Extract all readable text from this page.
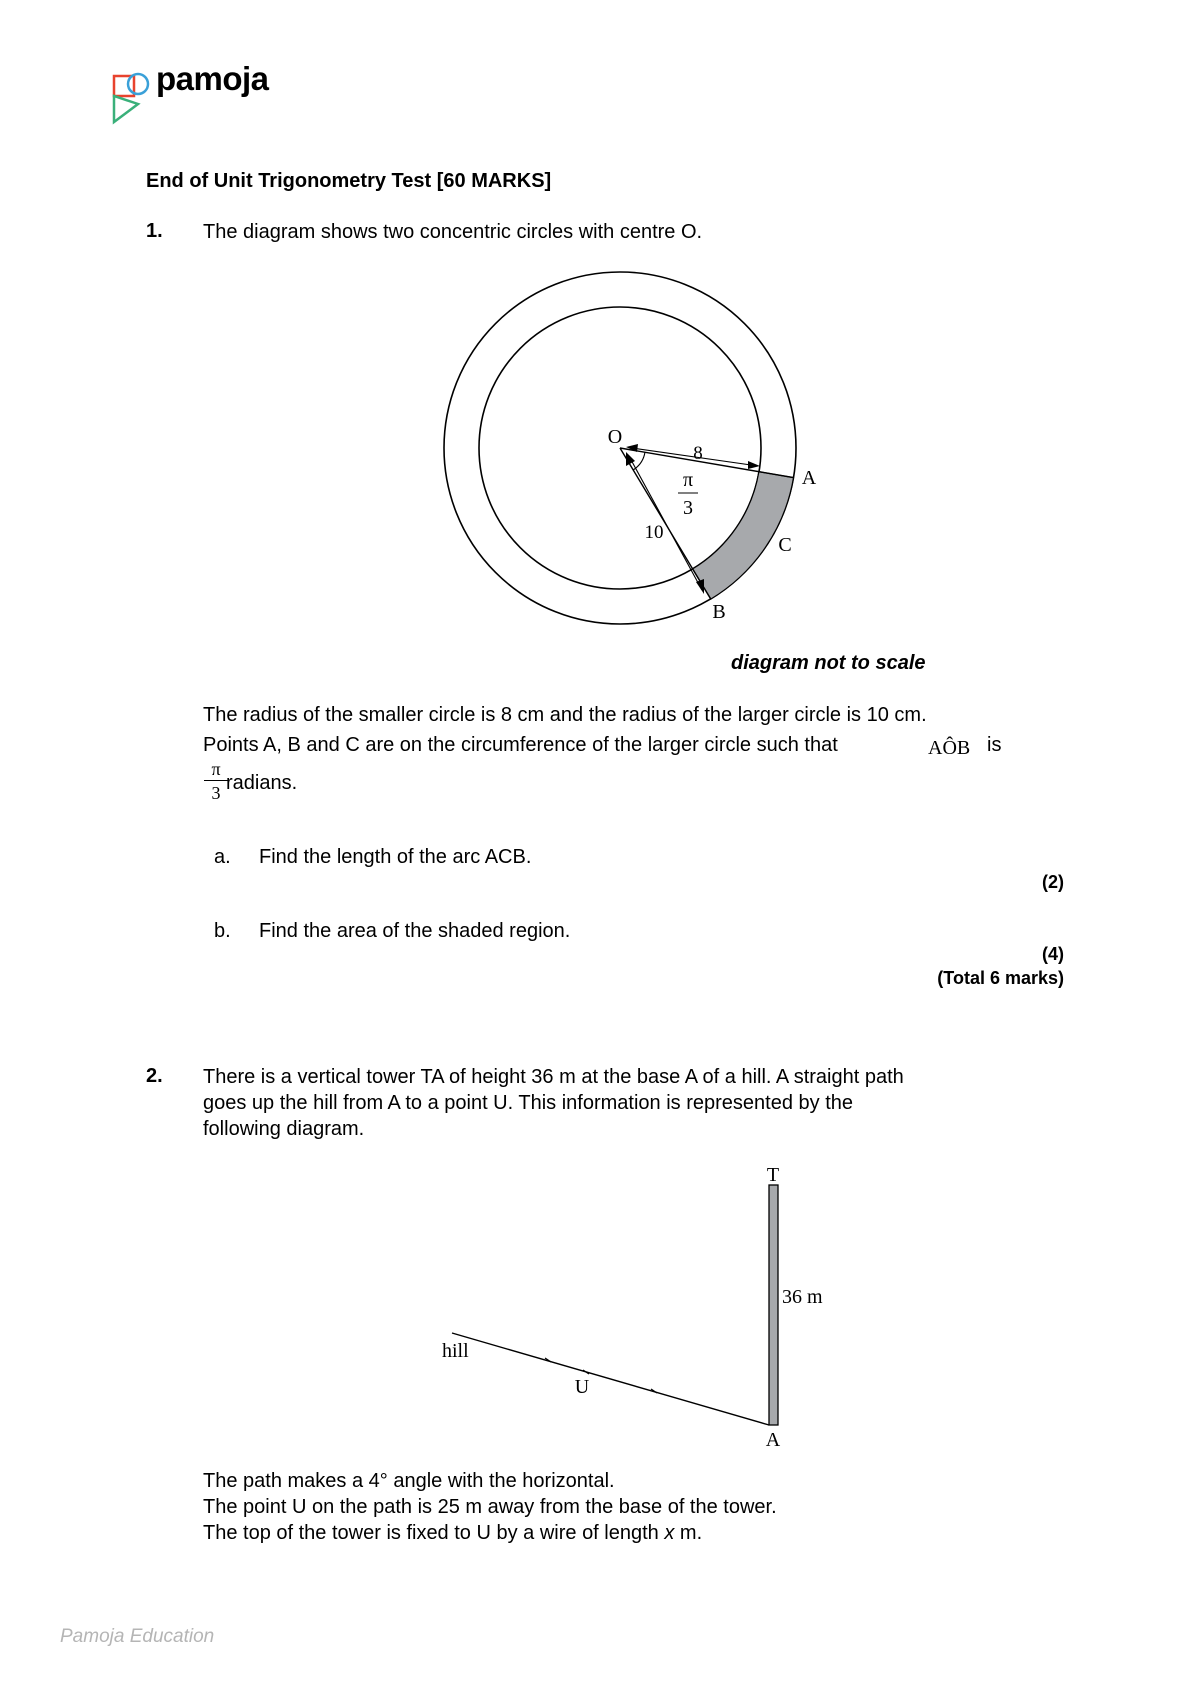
pamoja
End of Unit Trigonometry Test [60 MARKS]
1. The diagram shows two concentric circles with centre O.
O
8
π
3
10
A
C
B
diagram not to scale
The radius of the smaller circle is 8 cm and the radius of the larger circle is 10 cm.
Points A, B and C are on the circumference of the larger circle such that	AÔB is
$\frac{\pi}{3}$
radians.
a. Find the length of the arc ACB.
(2)
b. Find the area of the shaded region.
(4)
(Total 6 marks)
2. There is a vertical tower TA of height 36 m at the base A of a hill. A straight path
goes up the hill from A to a point U. This information is represented by the
following diagram.
T
36 m
hill
U
A
The path makes a 4° angle with the horizontal.
The point U on the path is 25 m away from the base of the tower.
The top of the tower is fixed to U by a wire of length x m.
Pamoja Education
